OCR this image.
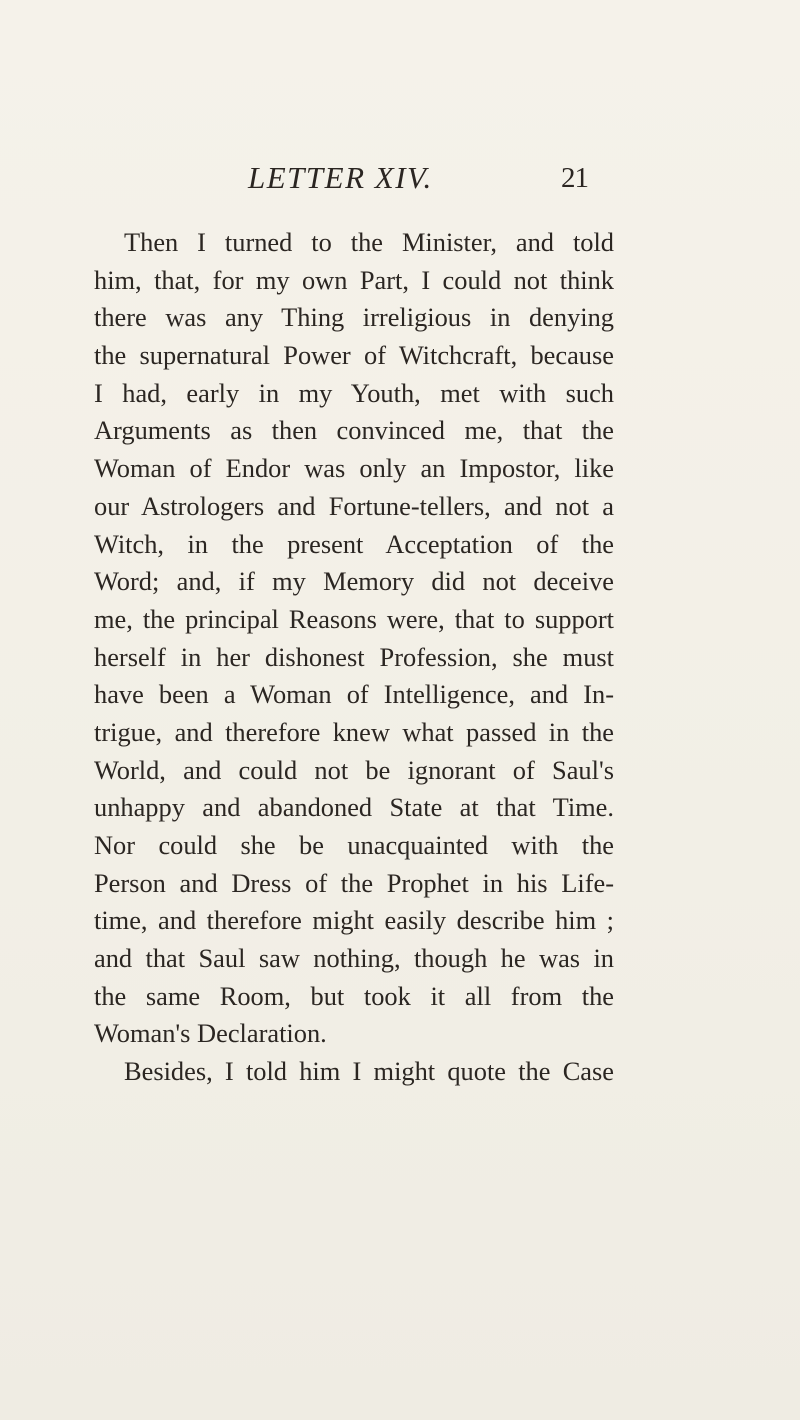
LETTER XIV.	21
Then I turned to the Minister, and told
him, that, for my own Part, I could not think
there was any Thing irreligious in denying
the supernatural Power of Witchcraft, because
I had, early in my Youth, met with such
Arguments as then convinced me, that the
Woman of Endor was only an Impostor, like
our Astrologers and Fortune-tellers, and not a
Witch, in the present Acceptation of the
Word; and, if my Memory did not deceive
me, the principal Reasons were, that to support
herself in her dishonest Profession, she must
have been a Woman of Intelligence, and In-
trigue, and therefore knew what passed in the
World, and could not be ignorant of Saul's
unhappy and abandoned State at that Time.
Nor could she be unacquainted with the
Person and Dress of the Prophet in his Life-
time, and therefore might easily describe him ;
and that Saul saw nothing, though he was in
the same Room, but took it all from the
Woman's Declaration.
Besides, I told him I might quote the Case
